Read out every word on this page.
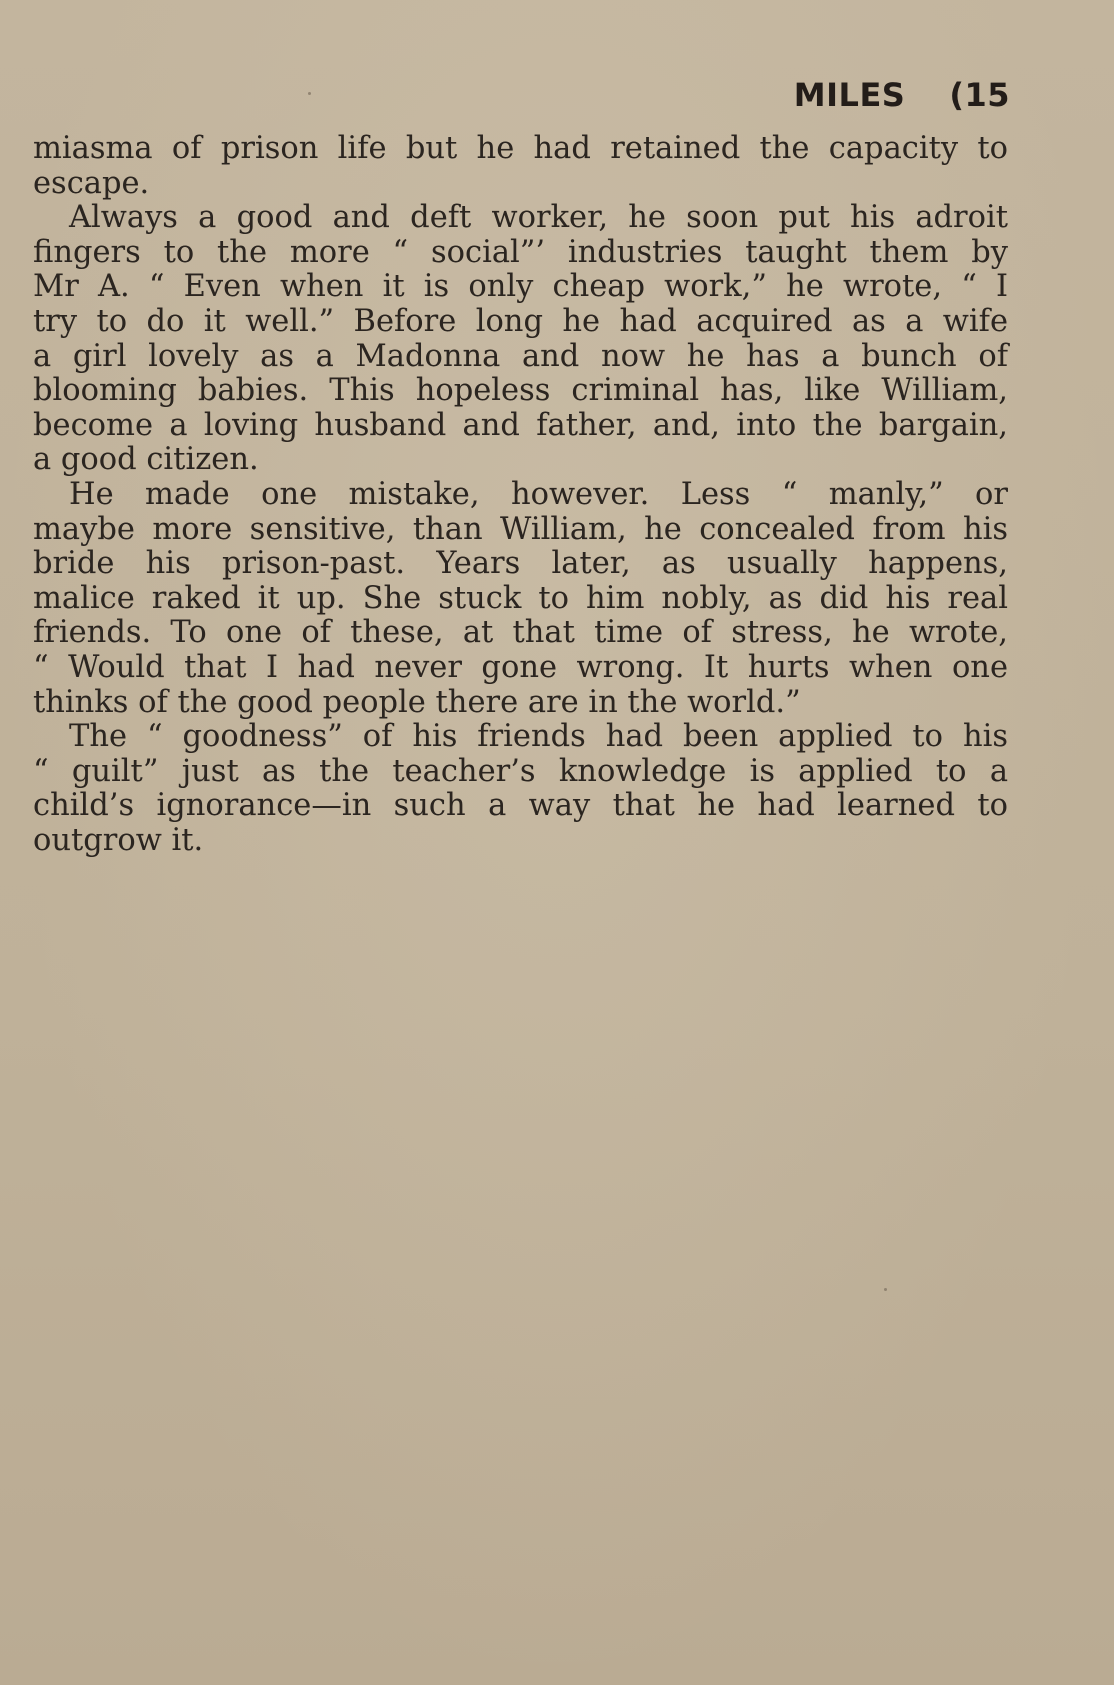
MILES (15
miasma of prison life but he had retained the capacity to
escape.
Always a good and deft worker, he soon put his adroit
fingers to the more “ social”’ industries taught them by
Mr A. “ Even when it is only cheap work,” he wrote, “ I
try to do it well.” Before long he had acquired as a wife
a girl lovely as a Madonna and now he has a bunch of
blooming babies. This hopeless criminal has, like William,
become a loving husband and father, and, into the bargain,
a good citizen.
He made one mistake, however. Less “ manly,” or
maybe more sensitive, than William, he concealed from his
bride his prison-past. Years later, as usually happens,
malice raked it up. She stuck to him nobly, as did his real
friends. To one of these, at that time of stress, he wrote,
“ Would that I had never gone wrong. It hurts when one
thinks of the good people there are in the world.”
The “ goodness” of his friends had been applied to his
“ guilt” just as the teacher’s knowledge is applied to a
child’s ignorance—in such a way that he had learned to
outgrow it.
